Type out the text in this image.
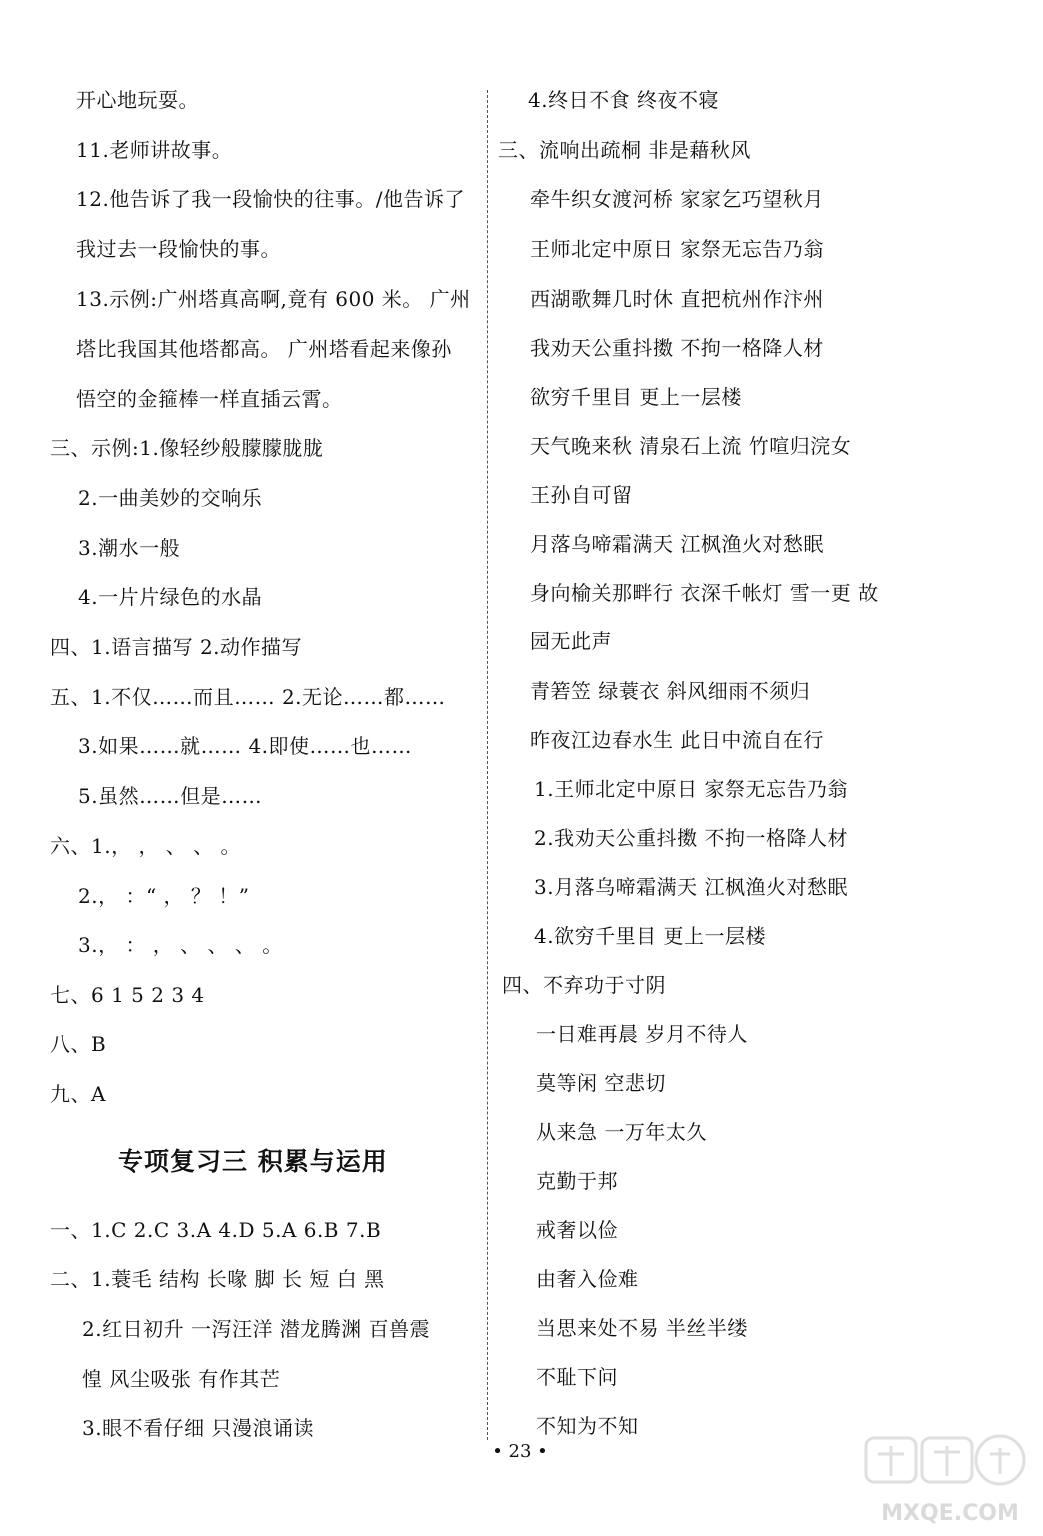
开心地玩耍。
11.老师讲故事。
12.他告诉了我一段愉快的往事。/他告诉了
我过去一段愉快的事。
13.示例:广州塔真高啊,竟有 600 米。 广州
塔比我国其他塔都高。 广州塔看起来像孙
悟空的金箍棒一样直插云霄。
三、示例:1.像轻纱般朦朦胧胧
2.一曲美妙的交响乐
3.潮水一般
4.一片片绿色的水晶
四、1.语言描写 2.动作描写
五、1.不仅……而且…… 2.无论……都……
3.如果……就…… 4.即使……也……
5.虽然……但是……
六、1.， ， 、 、 。
2.， ：“ ， ？ ！”
3.， ： ， 、 、 、 。
七、6 1 5 2 3 4
八、B
九、A
专项复习三 积累与运用
一、1.C 2.C 3.A 4.D 5.A 6.B 7.B
二、1.蓑毛 结构 长喙 脚 长 短 白 黑
2.红日初升 一泻汪洋 潜龙腾渊 百兽震
惶 风尘吸张 有作其芒
3.眼不看仔细 只漫浪诵读
4.终日不食 终夜不寝
三、流响出疏桐 非是藉秋风
牵牛织女渡河桥 家家乞巧望秋月
王师北定中原日 家祭无忘告乃翁
西湖歌舞几时休 直把杭州作汴州
我劝天公重抖擞 不拘一格降人材
欲穷千里目 更上一层楼
天气晚来秋 清泉石上流 竹喧归浣女
王孙自可留
月落乌啼霜满天 江枫渔火对愁眠
身向榆关那畔行 衣深千帐灯 雪一更 故
园无此声
青箬笠 绿蓑衣 斜风细雨不须归
昨夜江边春水生 此日中流自在行
1.王师北定中原日 家祭无忘告乃翁
2.我劝天公重抖擞 不拘一格降人材
3.月落乌啼霜满天 江枫渔火对愁眠
4.欲穷千里目 更上一层楼
四、不弃功于寸阴
一日难再晨 岁月不待人
莫等闲 空悲切
从来急 一万年太久
克勤于邦
戒奢以俭
由奢入俭难
当思来处不易 半丝半缕
不耻下问
不知为不知
• 23 •
MXQE.COM
